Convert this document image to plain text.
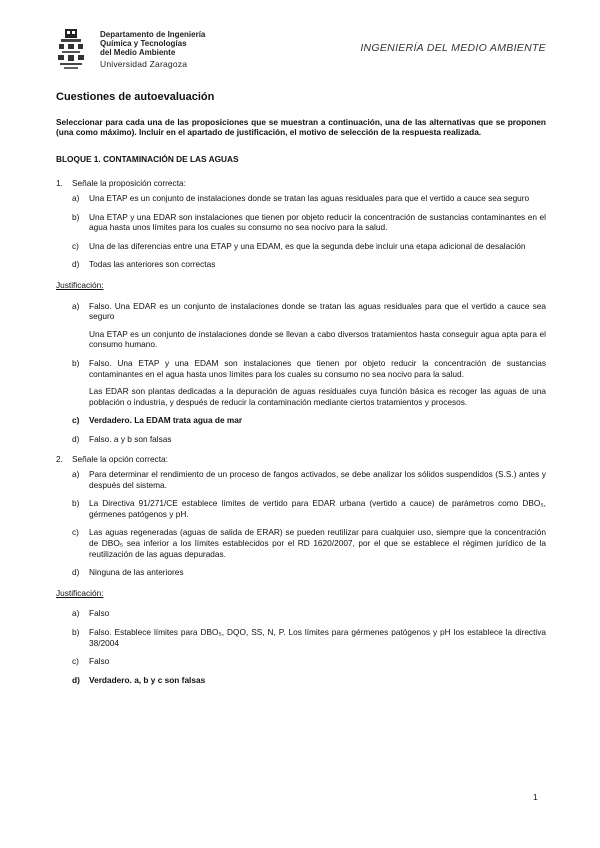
Departamento de Ingeniería
Química y Tecnologías
del Medio Ambiente
Universidad Zaragoza
INGENIERÍA DEL MEDIO AMBIENTE
Cuestiones de autoevaluación
Seleccionar para cada una de las proposiciones que se muestran a continuación, una de las alternativas que se proponen (una como máximo). Incluir en el apartado de justificación, el motivo de selección de la respuesta realizada.
BLOQUE 1. CONTAMINACIÓN DE LAS AGUAS
1. Señale la proposición correcta:
a) Una ETAP es un conjunto de instalaciones donde se tratan las aguas residuales para que el vertido a cauce sea seguro

b) Una ETAP y una EDAR son instalaciones que tienen por objeto reducir la concentración de sustancias contaminantes en el agua hasta unos límites para los cuales su consumo no sea nocivo para la salud.

c) Una de las diferencias entre una ETAP y una EDAM, es que la segunda debe incluir una etapa adicional de desalación

d) Todas las anteriores son correctas

Justificación:
a) Falso. Una EDAR es un conjunto de instalaciones donde se tratan las aguas residuales para que el vertido a cauce sea seguro

Una ETAP es un conjunto de instalaciones donde se llevan a cabo diversos tratamientos hasta conseguir agua apta para el consumo humano.

b) Falso. Una ETAP y una EDAM son instalaciones que tienen por objeto reducir la concentración de sustancias contaminantes en el agua hasta unos límites para los cuales su consumo no sea nocivo para la salud.

Las EDAR son plantas dedicadas a la depuración de aguas residuales cuya función básica es recoger las aguas de una población o industria, y después de reducir la contaminación mediante ciertos tratamientos y procesos.

c) Verdadero. La EDAM trata agua de mar

d) Falso. a y b son falsas

2. Señale la opción correcta:
a) Para determinar el rendimiento de un proceso de fangos activados, se debe analizar los sólidos suspendidos (S.S.) antes y después del sistema.

b) La Directiva 91/271/CE establece límites de vertido para EDAR urbana (vertido a cauce) de parámetros como DBO₅, gérmenes patógenos y pH.

c) Las aguas regeneradas (aguas de salida de ERAR) se pueden reutilizar para cualquier uso, siempre que la concentración de DBO₅ sea inferior a los límites establecidos por el RD 1620/2007, por el que se establece el régimen jurídico de la reutilización de las aguas depuradas.

d) Ninguna de las anteriores

Justificación:
a) Falso

b) Falso. Establece límites para DBO₅, DQO, SS, N, P. Los límites para gérmenes patógenos y pH los establece la directiva 38/2004

c) Falso

d) Verdadero. a, b y c son falsas

1
